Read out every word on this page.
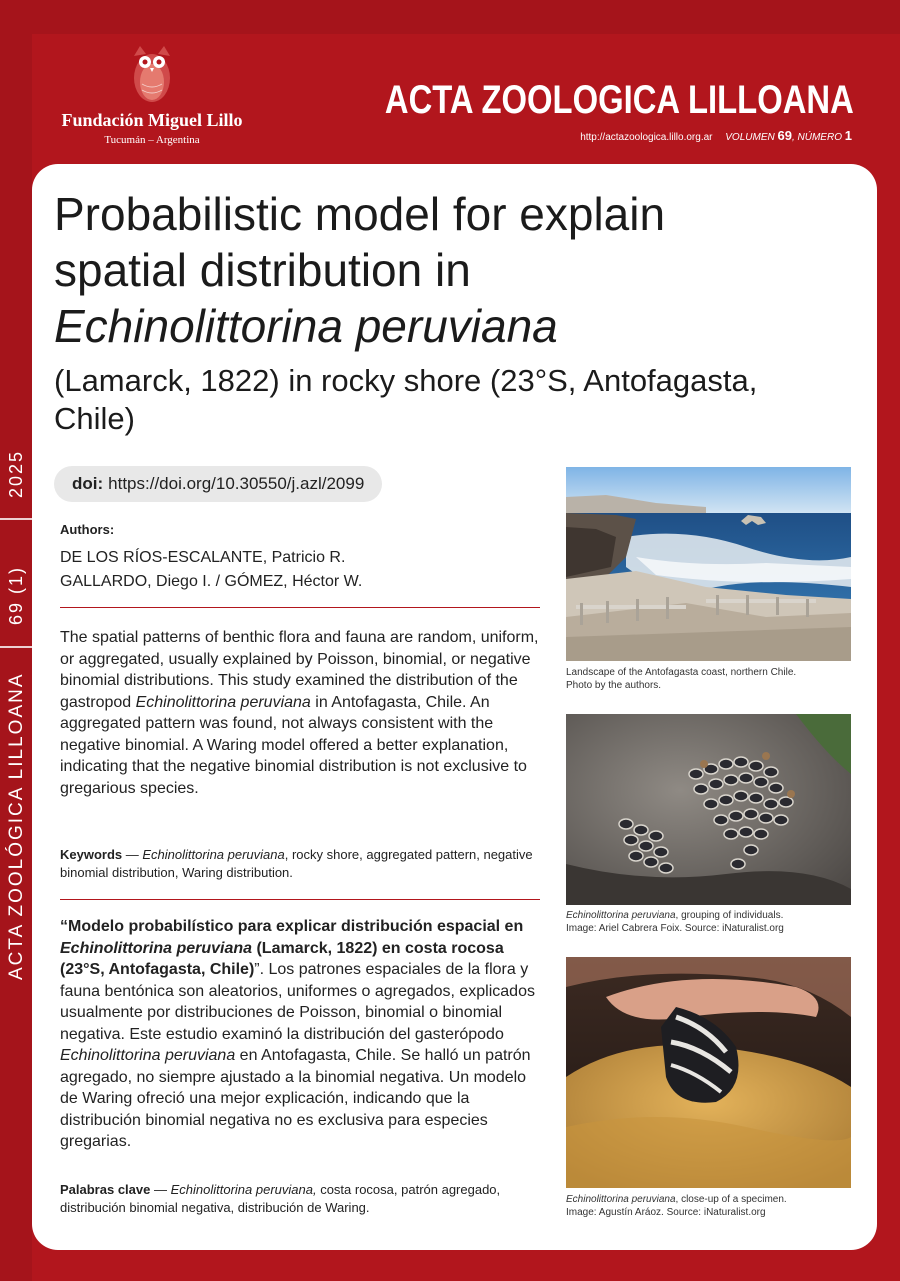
Fundación Miguel Lillo
Tucumán – Argentina
ACTA ZOOLOGICA LILLOANA
http://actazoologica.lillo.org.ar VOLUMEN 69, NÚMERO 1
2025
69 (1)
ACTA ZOOLÓGICA LILLOANA
Probabilistic model for explain
spatial distribution in
Echinolittorina peruviana
(Lamarck, 1822) in rocky shore (23°S, Antofagasta, Chile)
doi: https://doi.org/10.30550/j.azl/2099
Authors:
DE LOS RÍOS-ESCALANTE, Patricio R.
GALLARDO, Diego I. / GÓMEZ, Héctor W.
The spatial patterns of benthic flora and fauna are random, uniform, or aggregated, usually explained by Poisson, binomial, or negative binomial distributions. This study examined the distribution of the gastropod Echinolittorina peruviana in Antofagasta, Chile. An aggregated pattern was found, not always consistent with the negative binomial. A Waring model offered a better explanation, indicating that the negative binomial distribution is not exclusive to gregarious species.
Keywords — Echinolittorina peruviana, rocky shore, aggregated pattern, negative binomial distribution, Waring distribution.
“Modelo probabilístico para explicar distribución espacial en Echinolittorina peruviana (Lamarck, 1822) en costa rocosa (23°S, Antofagasta, Chile)”. Los patrones espaciales de la flora y fauna bentónica son aleatorios, uniformes o agregados, explicados usualmente por distribuciones de Poisson, binomial o binomial negativa. Este estudio examinó la distribución del gasterópodo Echinolittorina peruviana en Antofagasta, Chile. Se halló un patrón agregado, no siempre ajustado a la binomial negativa. Un modelo de Waring ofreció una mejor explicación, indicando que la distribución binomial negativa no es exclusiva para especies gregarias.
Palabras clave — Echinolittorina peruviana, costa rocosa, patrón agregado, distribución binomial negativa, distribución de Waring.
Landscape of the Antofagasta coast, northern Chile.
Photo by the authors.
Echinolittorina peruviana, grouping of individuals.
Image: Ariel Cabrera Foix. Source: iNaturalist.org
Echinolittorina peruviana, close-up of a specimen.
Image: Agustín Aráoz. Source: iNaturalist.org
